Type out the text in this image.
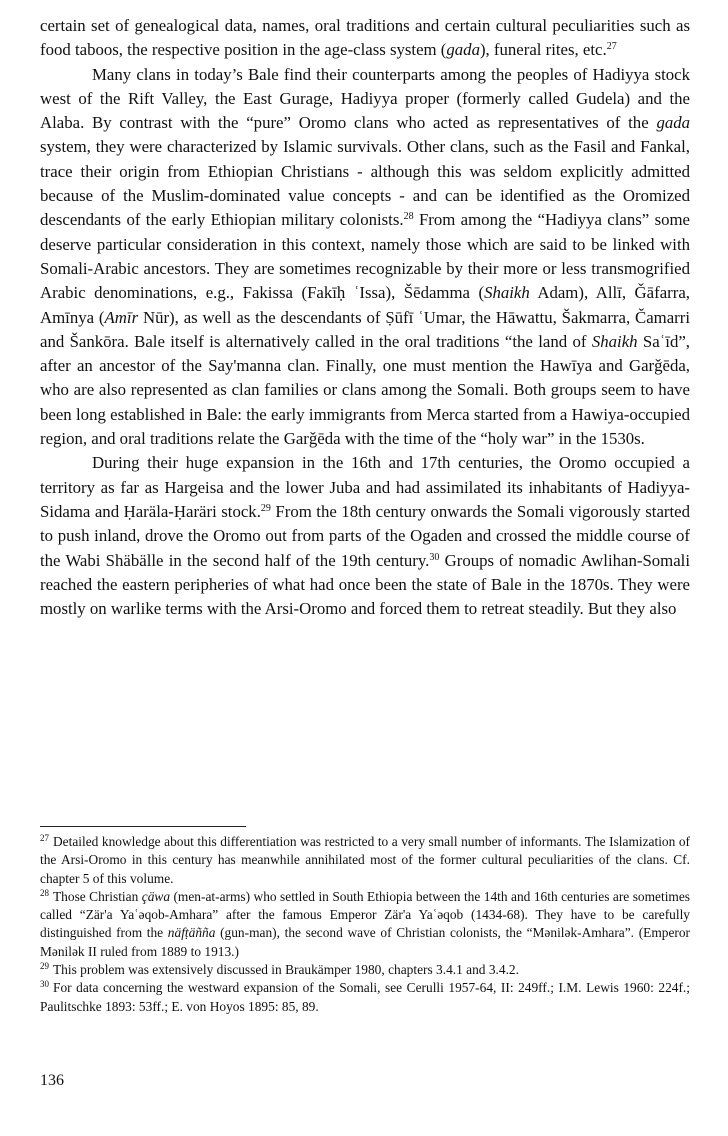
certain set of genealogical data, names, oral traditions and certain cultural peculiarities such as food taboos, the respective position in the age-class system (gada), funeral rites, etc.$^{27}$

Many clans in today’s Bale find their counterparts among the peoples of Hadiyya stock west of the Rift Valley, the East Gurage, Hadiyya proper (formerly called Gudela) and the Alaba. By contrast with the “pure” Oromo clans who acted as representatives of the gada system, they were characterized by Islamic survivals. Other clans, such as the Fasil and Fankal, trace their origin from Ethiopian Christians - although this was seldom explicitly admitted because of the Muslim-dominated value concepts - and can be identified as the Oromized descendants of the early Ethiopian military colonists.$^{28}$ From among the “Hadiyya clans” some deserve particular consideration in this context, namely those which are said to be linked with Somali-Arabic ancestors. They are sometimes recognizable by their more or less transmogrified Arabic denominations, e.g., Fakissa (Fakīḥ ʿIssa), Šēdamma (Shaikh Adam), Allī, Ǧāfarra, Amīnya (Amīr Nūr), as well as the descendants of Ṣūfī ʿUmar, the Hāwattu, Šakmarra, Čamarri and Šankōra. Bale itself is alternatively called in the oral traditions “the land of Shaikh Saʿīd”, after an ancestor of the Say'manna clan. Finally, one must mention the Hawīya and Garǧēda, who are also represented as clan families or clans among the Somali. Both groups seem to have been long established in Bale: the early immigrants from Merca started from a Hawiya-occupied region, and oral traditions relate the Garǧēda with the time of the “holy war” in the 1530s.

During their huge expansion in the 16th and 17th centuries, the Oromo occupied a territory as far as Hargeisa and the lower Juba and had assimilated its inhabitants of Hadiyya-Sidama and Ḥaräla-Ḥaräri stock.$^{29}$ From the 18th century onwards the Somali vigorously started to push inland, drove the Oromo out from parts of the Ogaden and crossed the middle course of the Wabi Shäbälle in the second half of the 19th century.$^{30}$ Groups of nomadic Awlihan-Somali reached the eastern peripheries of what had once been the state of Bale in the 1870s. They were mostly on warlike terms with the Arsi-Oromo and forced them to retreat steadily. But they also

$^{27}$ Detailed knowledge about this differentiation was restricted to a very small number of informants. The Islamization of the Arsi-Oromo in this century has meanwhile annihilated most of the former cultural peculiarities of the clans. Cf. chapter 5 of this volume.

$^{28}$ Those Christian çäwa (men-at-arms) who settled in South Ethiopia between the 14th and 16th centuries are sometimes called “Zär'a Yaʿəqob-Amhara” after the famous Emperor Zär'a Yaʿəqob (1434-68). They have to be carefully distinguished from the näfṭäñña (gun-man), the second wave of Christian colonists, the “Mənilək-Amhara”. (Emperor Mənilək II ruled from 1889 to 1913.)

$^{29}$ This problem was extensively discussed in Braukämper 1980, chapters 3.4.1 and 3.4.2.

$^{30}$ For data concerning the westward expansion of the Somali, see Cerulli 1957-64, II: 249ff.; I.M. Lewis 1960: 224f.; Paulitschke 1893: 53ff.; E. von Hoyos 1895: 85, 89.

136
